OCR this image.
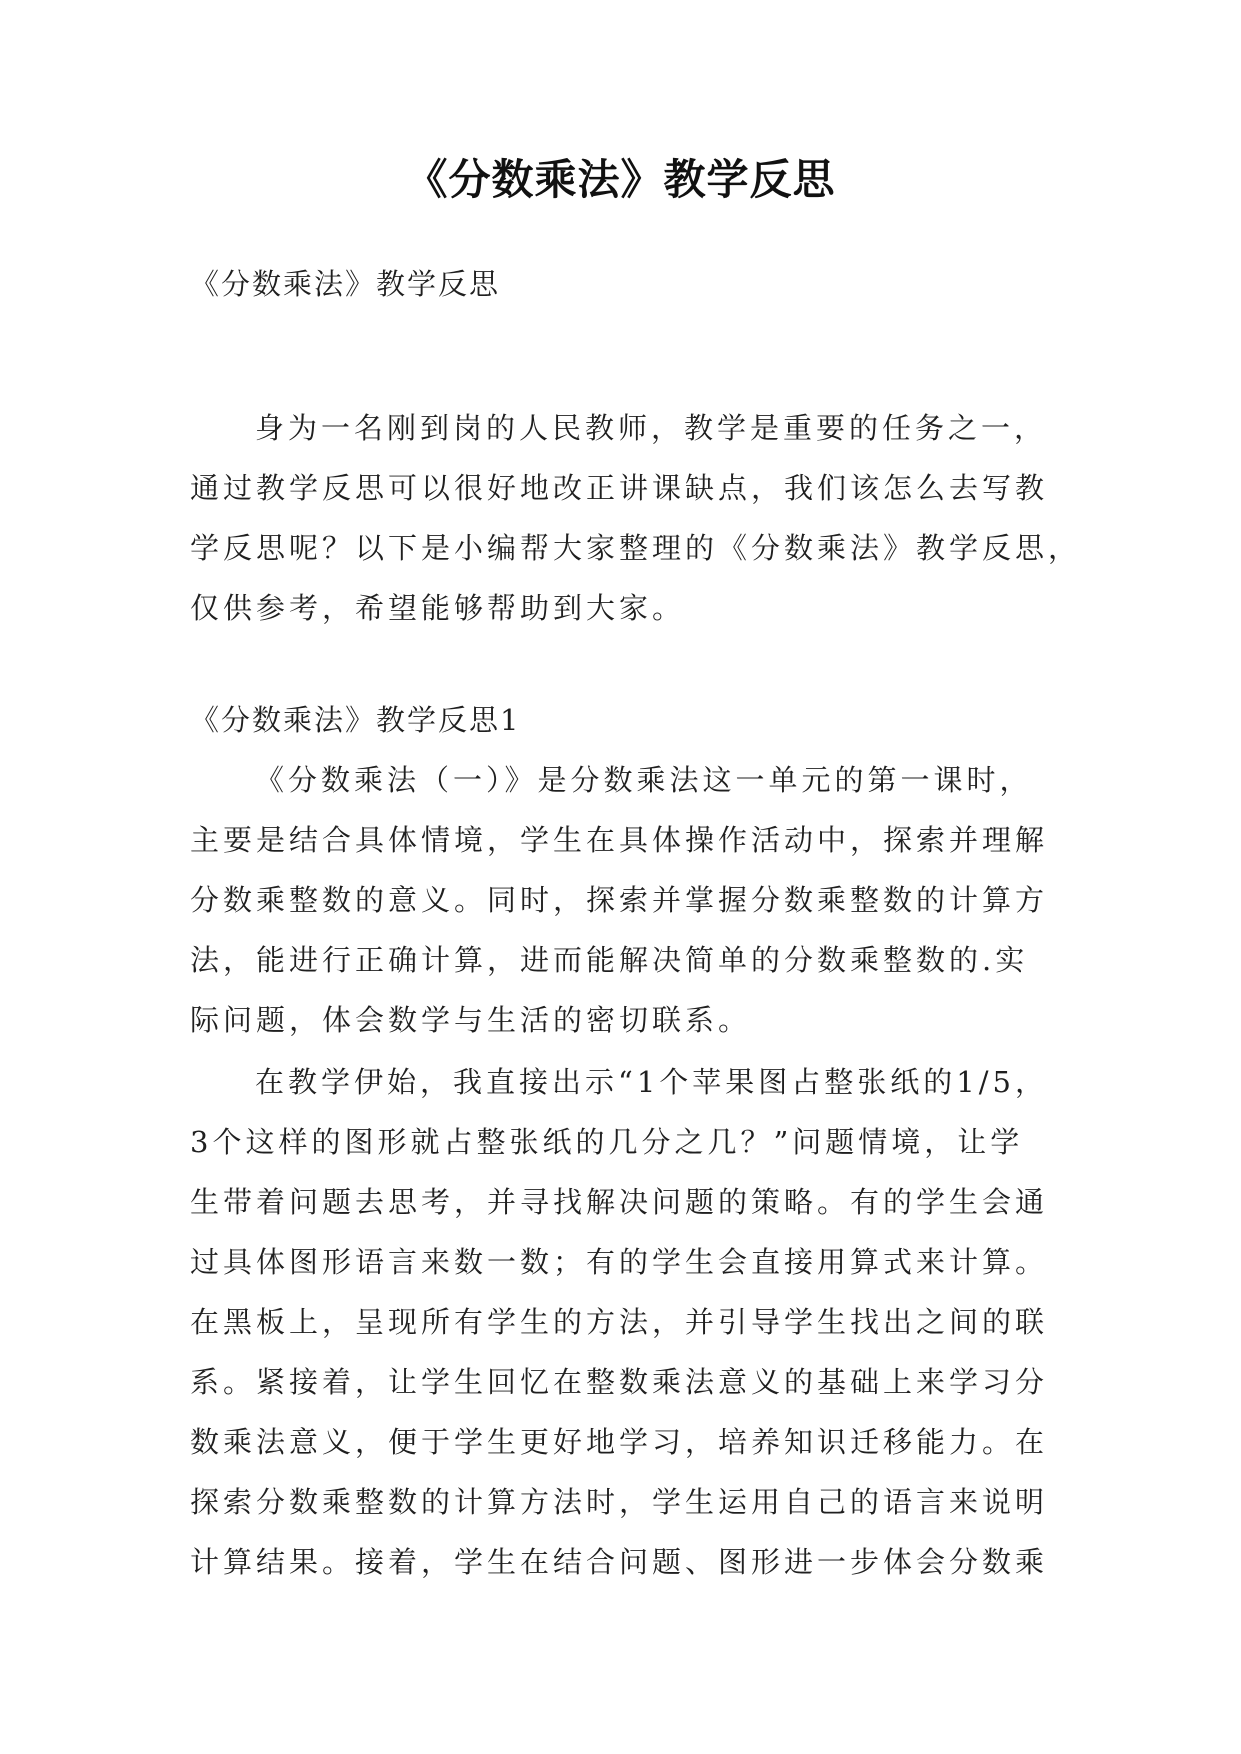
《分数乘法》教学反思
《分数乘法》教学反思
身为一名刚到岗的人民教师，教学是重要的任务之一，
通过教学反思可以很好地改正讲课缺点，我们该怎么去写教
学反思呢？以下是小编帮大家整理的《分数乘法》教学反思，
仅供参考，希望能够帮助到大家。
《分数乘法》教学反思1
《分数乘法（一）》是分数乘法这一单元的第一课时，
主要是结合具体情境，学生在具体操作活动中，探索并理解
分数乘整数的意义。同时，探索并掌握分数乘整数的计算方
法，能进行正确计算，进而能解决简单的分数乘整数的.实
际问题，体会数学与生活的密切联系。
在教学伊始，我直接出示“1个苹果图占整张纸的1/5，
3个这样的图形就占整张纸的几分之几？”问题情境，让学
生带着问题去思考，并寻找解决问题的策略。有的学生会通
过具体图形语言来数一数；有的学生会直接用算式来计算。
在黑板上，呈现所有学生的方法，并引导学生找出之间的联
系。紧接着，让学生回忆在整数乘法意义的基础上来学习分
数乘法意义，便于学生更好地学习，培养知识迁移能力。在
探索分数乘整数的计算方法时，学生运用自己的语言来说明
计算结果。接着，学生在结合问题、图形进一步体会分数乘
